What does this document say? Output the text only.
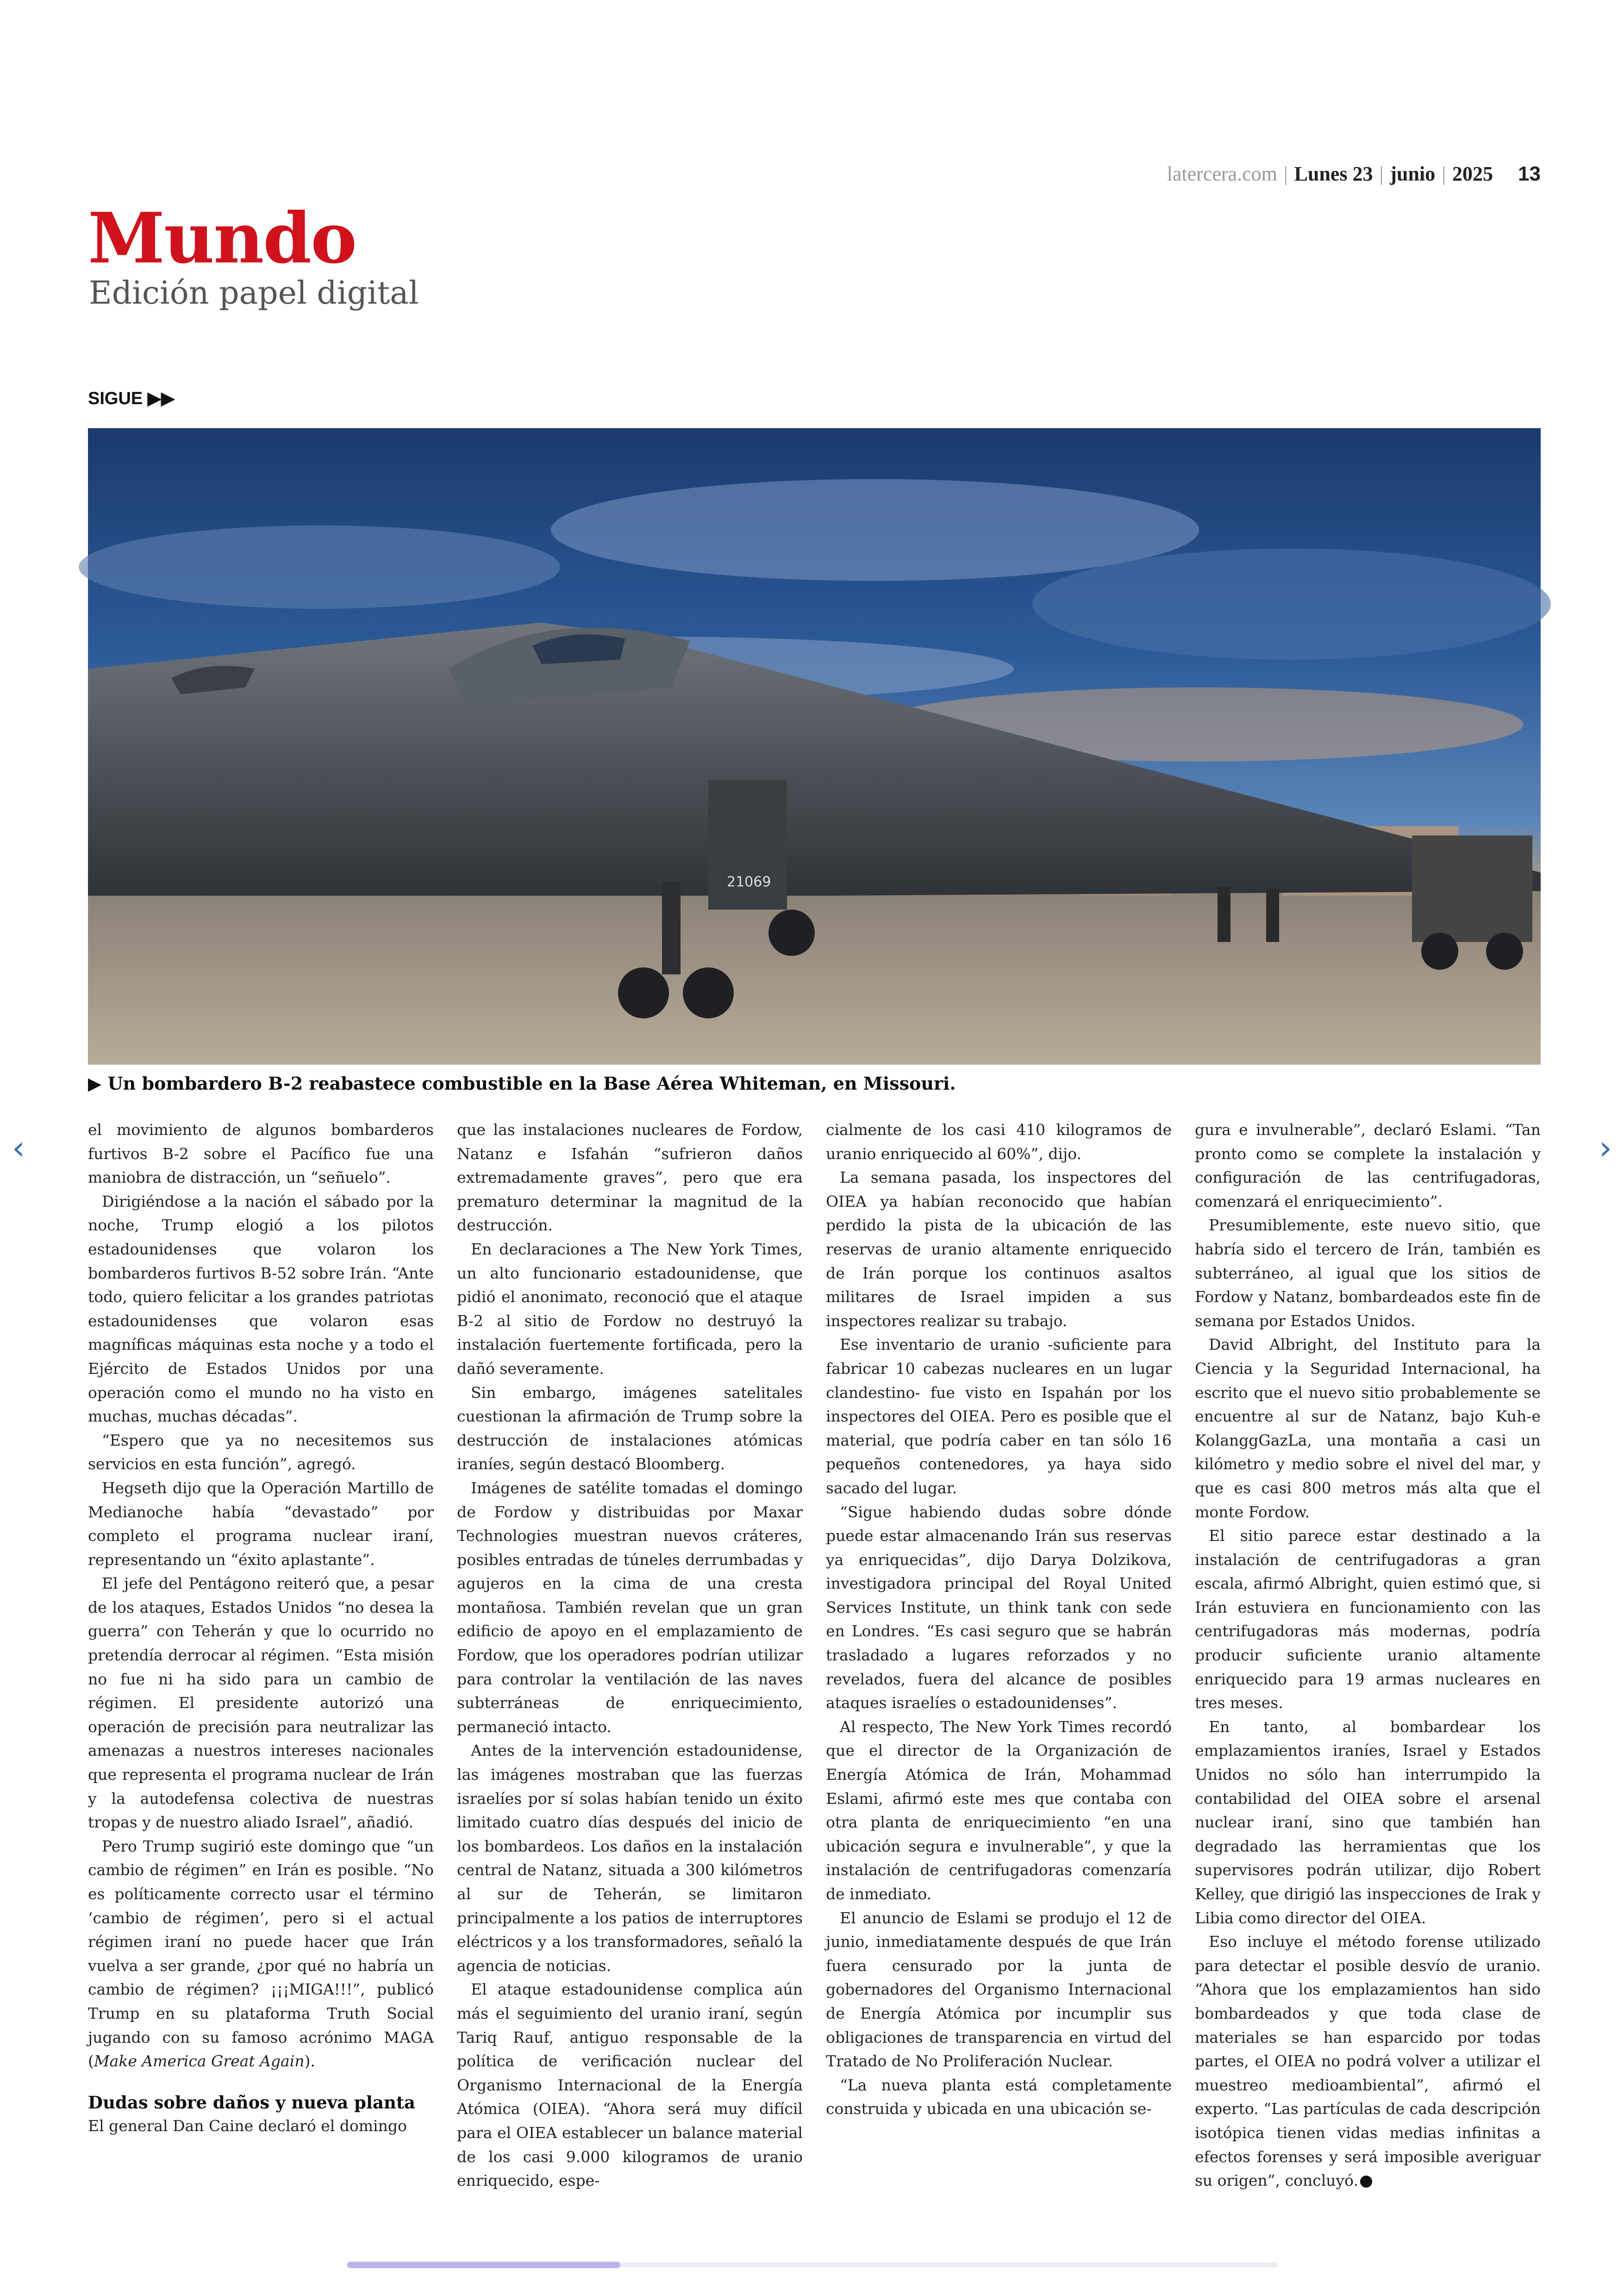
latercera.com | Lunes 23 | junio | 2025 13
Mundo
Edición papel digital
SIGUE ▶▶
21069
▶ Un bombardero B-2 reabastece combustible en la Base Aérea Whiteman, en Missouri.
‹	›

el movimiento de algunos bombarderos furtivos B-2 sobre el Pacífico fue una maniobra de distracción, un “señuelo”.

Dirigiéndose a la nación el sábado por la noche, Trump elogió a los pilotos estadounidenses que volaron los bombarderos furtivos B-52 sobre Irán. “Ante todo, quiero felicitar a los grandes patriotas estadounidenses que volaron esas magníficas máquinas esta noche y a todo el Ejército de Estados Unidos por una operación como el mundo no ha visto en muchas, muchas décadas”.

“Espero que ya no necesitemos sus servicios en esta función”, agregó.

Hegseth dijo que la Operación Martillo de Medianoche había “devastado” por completo el programa nuclear iraní, representando un “éxito aplastante”.

El jefe del Pentágono reiteró que, a pesar de los ataques, Estados Unidos “no desea la guerra” con Teherán y que lo ocurrido no pretendía derrocar al régimen. “Esta misión no fue ni ha sido para un cambio de régimen. El presidente autorizó una operación de precisión para neutralizar las amenazas a nuestros intereses nacionales que representa el programa nuclear de Irán y la autodefensa colectiva de nuestras tropas y de nuestro aliado Israel”, añadió.

Pero Trump sugirió este domingo que “un cambio de régimen” en Irán es posible. “No es políticamente correcto usar el término ‘cambio de régimen’, pero si el actual régimen iraní no puede hacer que Irán vuelva a ser grande, ¿por qué no habría un cambio de régimen? ¡¡¡MIGA!!!”, publicó Trump en su plataforma Truth Social jugando con su famoso acrónimo MAGA (Make America Great Again).

Dudas sobre daños y nueva planta

El general Dan Caine declaró el domingo

que las instalaciones nucleares de Fordow, Natanz e Isfahán “sufrieron daños extremadamente graves”, pero que era prematuro determinar la magnitud de la destrucción.

En declaraciones a The New York Times, un alto funcionario estadounidense, que pidió el anonimato, reconoció que el ataque B-2 al sitio de Fordow no destruyó la instalación fuertemente fortificada, pero la dañó severamente.

Sin embargo, imágenes satelitales cuestionan la afirmación de Trump sobre la destrucción de instalaciones atómicas iraníes, según destacó Bloomberg.

Imágenes de satélite tomadas el domingo de Fordow y distribuidas por Maxar Technologies muestran nuevos cráteres, posibles entradas de túneles derrumbadas y agujeros en la cima de una cresta montañosa. También revelan que un gran edificio de apoyo en el emplazamiento de Fordow, que los operadores podrían utilizar para controlar la ventilación de las naves subterráneas de enriquecimiento, permaneció intacto.

Antes de la intervención estadounidense, las imágenes mostraban que las fuerzas israelíes por sí solas habían tenido un éxito limitado cuatro días después del inicio de los bombardeos. Los daños en la instalación central de Natanz, situada a 300 kilómetros al sur de Teherán, se limitaron principalmente a los patios de interruptores eléctricos y a los transformadores, señaló la agencia de noticias.

El ataque estadounidense complica aún más el seguimiento del uranio iraní, según Tariq Rauf, antiguo responsable de la política de verificación nuclear del Organismo Internacional de la Energía Atómica (OIEA). “Ahora será muy difícil para el OIEA establecer un balance material de los casi 9.000 kilogramos de uranio enriquecido, espe-

cialmente de los casi 410 kilogramos de uranio enriquecido al 60%”, dijo.

La semana pasada, los inspectores del OIEA ya habían reconocido que habían perdido la pista de la ubicación de las reservas de uranio altamente enriquecido de Irán porque los continuos asaltos militares de Israel impiden a sus inspectores realizar su trabajo.

Ese inventario de uranio -suficiente para fabricar 10 cabezas nucleares en un lugar clandestino- fue visto en Ispahán por los inspectores del OIEA. Pero es posible que el material, que podría caber en tan sólo 16 pequeños contenedores, ya haya sido sacado del lugar.

“Sigue habiendo dudas sobre dónde puede estar almacenando Irán sus reservas ya enriquecidas”, dijo Darya Dolzikova, investigadora principal del Royal United Services Institute, un think tank con sede en Londres. “Es casi seguro que se habrán trasladado a lugares reforzados y no revelados, fuera del alcance de posibles ataques israelíes o estadounidenses”.

Al respecto, The New York Times recordó que el director de la Organización de Energía Atómica de Irán, Mohammad Eslami, afirmó este mes que contaba con otra planta de enriquecimiento “en una ubicación segura e invulnerable”, y que la instalación de centrifugadoras comenzaría de inmediato.

El anuncio de Eslami se produjo el 12 de junio, inmediatamente después de que Irán fuera censurado por la junta de gobernadores del Organismo Internacional de Energía Atómica por incumplir sus obligaciones de transparencia en virtud del Tratado de No Proliferación Nuclear.

“La nueva planta está completamente construida y ubicada en una ubicación se-

gura e invulnerable”, declaró Eslami. “Tan pronto como se complete la instalación y configuración de las centrifugadoras, comenzará el enriquecimiento”.

Presumiblemente, este nuevo sitio, que habría sido el tercero de Irán, también es subterráneo, al igual que los sitios de Fordow y Natanz, bombardeados este fin de semana por Estados Unidos.

David Albright, del Instituto para la Ciencia y la Seguridad Internacional, ha escrito que el nuevo sitio probablemente se encuentre al sur de Natanz, bajo Kuh-e KolanggGazLa, una montaña a casi un kilómetro y medio sobre el nivel del mar, y que es casi 800 metros más alta que el monte Fordow.

El sitio parece estar destinado a la instalación de centrifugadoras a gran escala, afirmó Albright, quien estimó que, si Irán estuviera en funcionamiento con las centrifugadoras más modernas, podría producir suficiente uranio altamente enriquecido para 19 armas nucleares en tres meses.

En tanto, al bombardear los emplazamientos iraníes, Israel y Estados Unidos no sólo han interrumpido la contabilidad del OIEA sobre el arsenal nuclear iraní, sino que también han degradado las herramientas que los supervisores podrán utilizar, dijo Robert Kelley, que dirigió las inspecciones de Irak y Libia como director del OIEA.

Eso incluye el método forense utilizado para detectar el posible desvío de uranio. “Ahora que los emplazamientos han sido bombardeados y que toda clase de materiales se han esparcido por todas partes, el OIEA no podrá volver a utilizar el muestreo medioambiental”, afirmó el experto. “Las partículas de cada descripción isotópica tienen vidas medias infinitas a efectos forenses y será imposible averiguar su origen”, concluyó.
